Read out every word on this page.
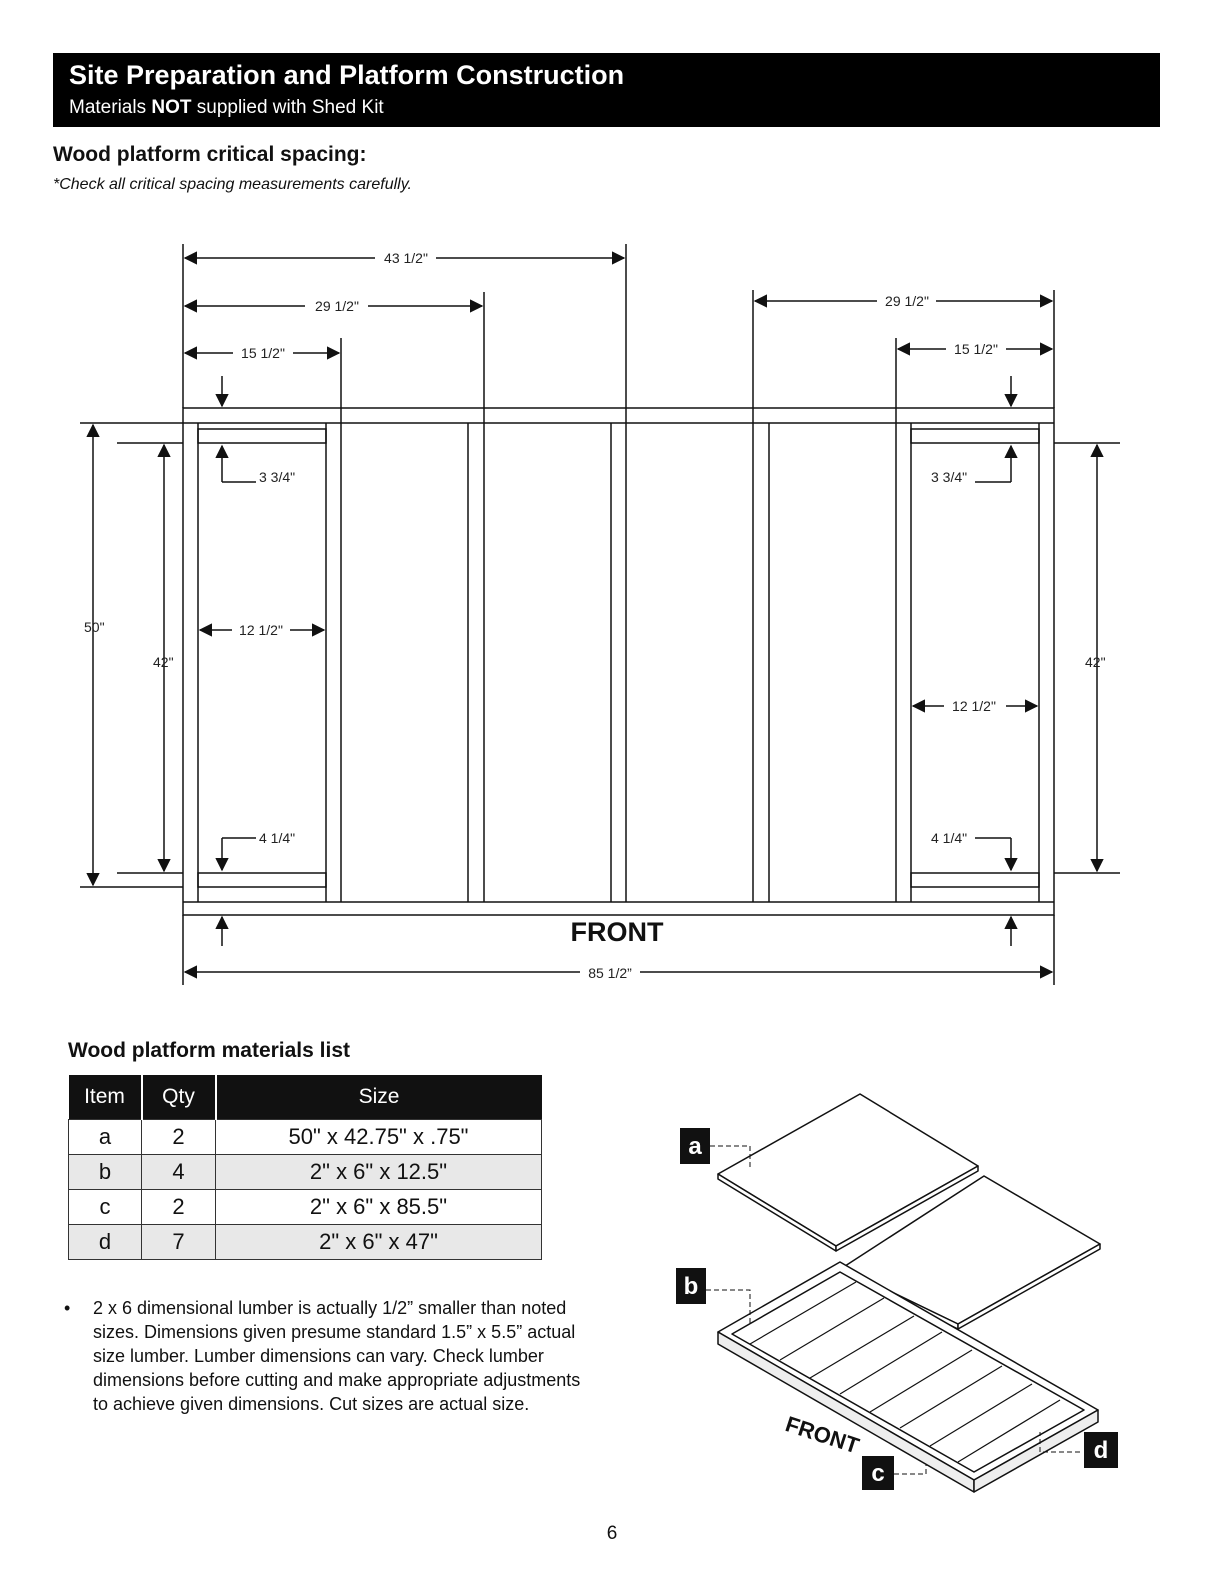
Site Preparation and Platform Construction
Materials NOT supplied with Shed Kit
Wood platform critical spacing:
*Check all critical spacing measurements carefully.
43 1/2"
29 1/2"	29 1/2"
15 1/2"	15 1/2"
3 3/4"	3 3/4"
12 1/2"
12 1/2"
4 1/4"	4 1/4"
50"
42"	42"
85 1/2”
FRONT
Wood platform materials list
Item	Qty	Size
a	2	50" x 42.75" x .75"
b	4	2" x 6" x 12.5"
c	2	2" x 6" x 85.5"
d	7	2" x 6" x 47"
• 2 x 6 dimensional lumber is actually 1/2” smaller than noted sizes. Dimensions given presume standard 1.5” x 5.5” actual size lumber. Lumber dimensions can vary. Check lumber dimensions before cutting and make appropriate adjustments to achieve given dimensions. Cut sizes are actual size.
a
b
c
d
FRONT
6
